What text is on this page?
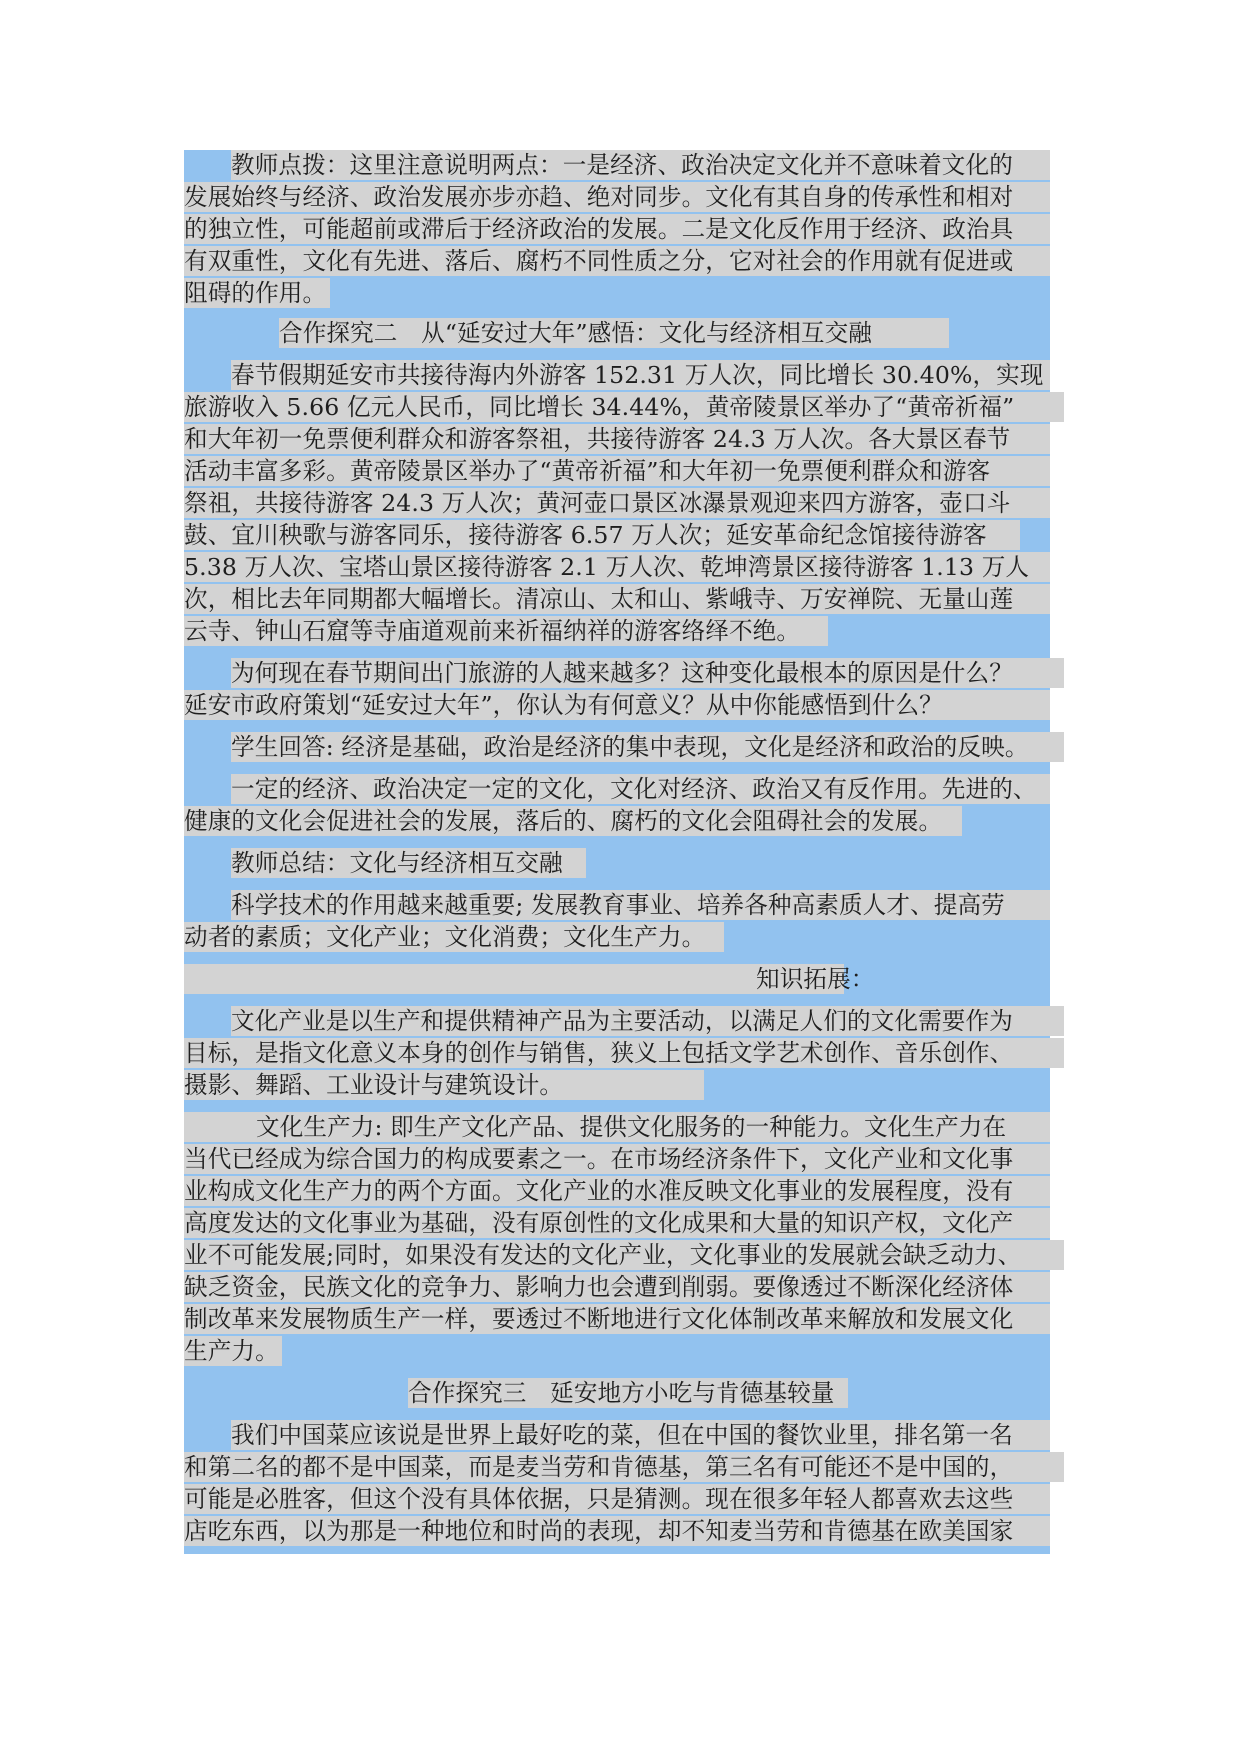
教师点拨：这里注意说明两点：一是经济、政治决定文化并不意味着文化的
发展始终与经济、政治发展亦步亦趋、绝对同步。文化有其自身的传承性和相对
的独立性，可能超前或滞后于经济政治的发展。二是文化反作用于经济、政治具
有双重性，文化有先进、落后、腐朽不同性质之分，它对社会的作用就有促进或
阻碍的作用。
合作探究二　从“延安过大年”感悟：文化与经济相互交融
春节假期延安市共接待海内外游客 152.31 万人次，同比增长 30.40%，实现
旅游收入 5.66 亿元人民币，同比增长 34.44%，黄帝陵景区举办了“黄帝祈福”
和大年初一免票便利群众和游客祭祖，共接待游客 24.3 万人次。各大景区春节
活动丰富多彩。黄帝陵景区举办了“黄帝祈福”和大年初一免票便利群众和游客
祭祖，共接待游客 24.3 万人次；黄河壶口景区冰瀑景观迎来四方游客，壶口斗
鼓、宜川秧歌与游客同乐，接待游客 6.57 万人次；延安革命纪念馆接待游客
5.38 万人次、宝塔山景区接待游客 2.1 万人次、乾坤湾景区接待游客 1.13 万人
次，相比去年同期都大幅增长。清凉山、太和山、紫峨寺、万安禅院、无量山莲
云寺、钟山石窟等寺庙道观前来祈福纳祥的游客络绎不绝。
为何现在春节期间出门旅游的人越来越多？这种变化最根本的原因是什么？
延安市政府策划“延安过大年”，你认为有何意义？从中你能感悟到什么？
学生回答: 经济是基础，政治是经济的集中表现，文化是经济和政治的反映。
一定的经济、政治决定一定的文化，文化对经济、政治又有反作用。先进的、
健康的文化会促进社会的发展，落后的、腐朽的文化会阻碍社会的发展。
教师总结：文化与经济相互交融
科学技术的作用越来越重要; 发展教育事业、培养各种高素质人才、提高劳
动者的素质；文化产业；文化消费；文化生产力。
知识拓展：
文化产业是以生产和提供精神产品为主要活动，以满足人们的文化需要作为
目标，是指文化意义本身的创作与销售，狭义上包括文学艺术创作、音乐创作、
摄影、舞蹈、工业设计与建筑设计。
文化生产力: 即生产文化产品、提供文化服务的一种能力。文化生产力在
当代已经成为综合国力的构成要素之一。在市场经济条件下，文化产业和文化事
业构成文化生产力的两个方面。文化产业的水准反映文化事业的发展程度，没有
高度发达的文化事业为基础，没有原创性的文化成果和大量的知识产权，文化产
业不可能发展;同时，如果没有发达的文化产业，文化事业的发展就会缺乏动力、
缺乏资金，民族文化的竞争力、影响力也会遭到削弱。要像透过不断深化经济体
制改革来发展物质生产一样，要透过不断地进行文化体制改革来解放和发展文化
生产力。
合作探究三　延安地方小吃与肯德基较量
我们中国菜应该说是世界上最好吃的菜，但在中国的餐饮业里，排名第一名
和第二名的都不是中国菜，而是麦当劳和肯德基，第三名有可能还不是中国的，
可能是必胜客，但这个没有具体依据，只是猜测。现在很多年轻人都喜欢去这些
店吃东西，以为那是一种地位和时尚的表现，却不知麦当劳和肯德基在欧美国家
